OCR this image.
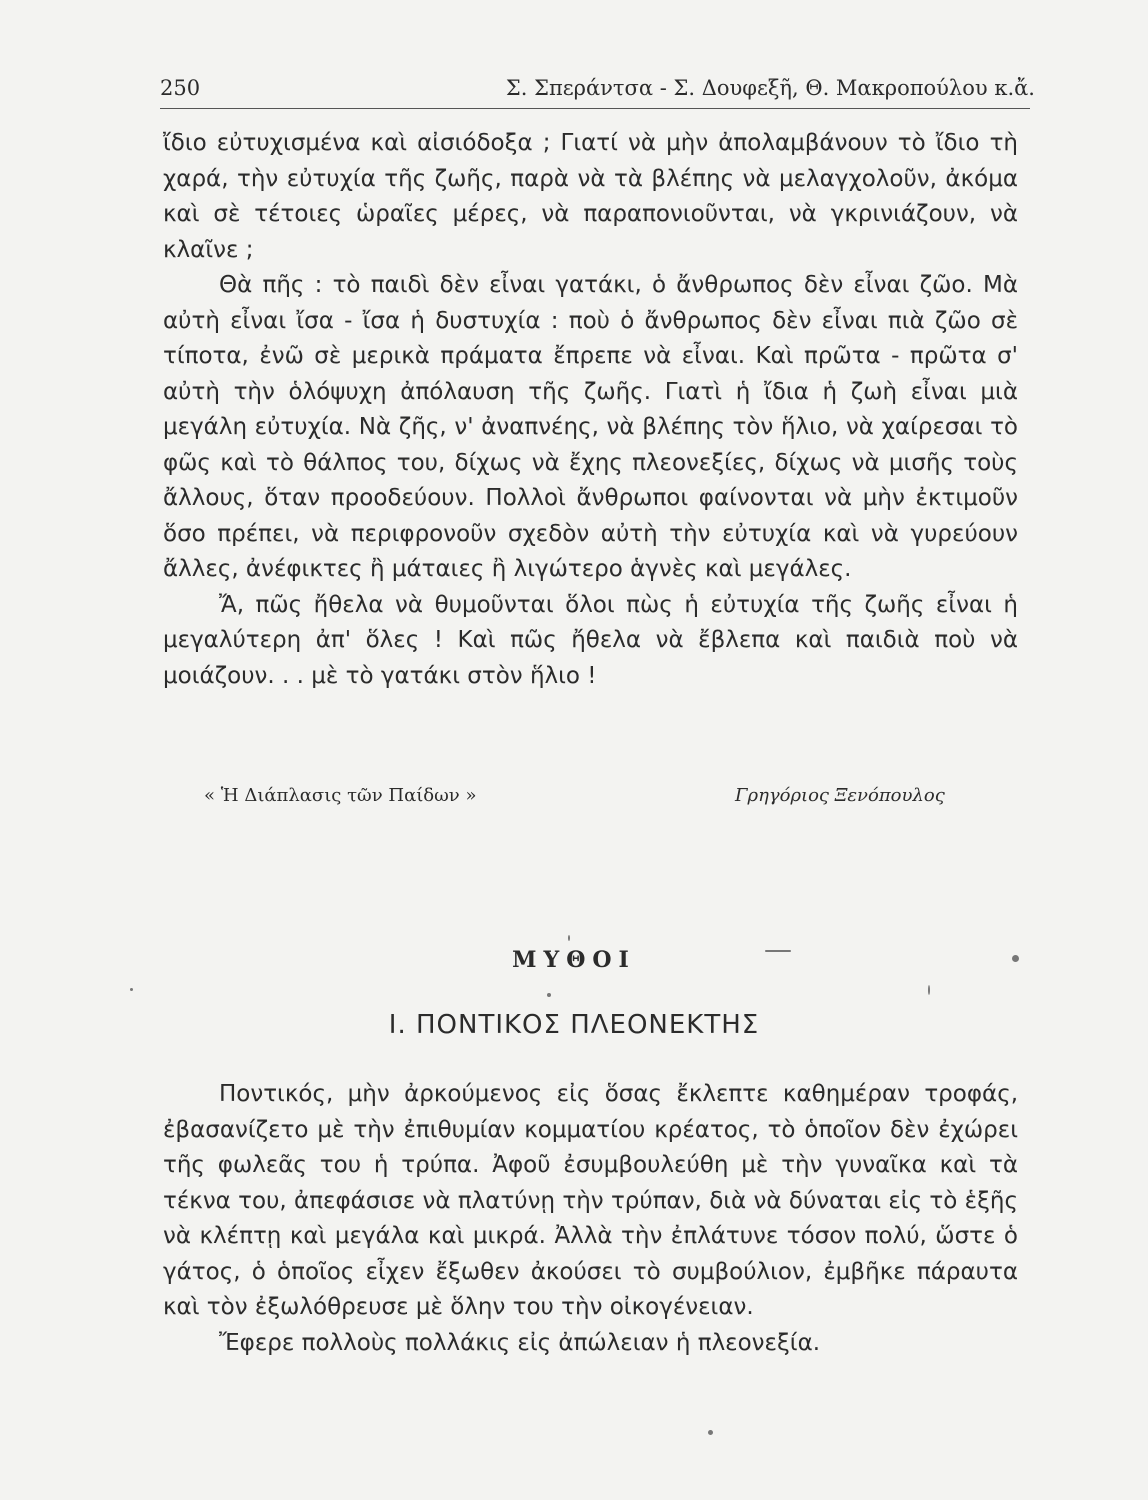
250	Σ. Σπεράντσα - Σ. Δουφεξῆ, Θ. Μακροπούλου κ.ἄ.

ἴδιο εὐτυχισμένα καὶ αἰσιόδοξα ; Γιατί νὰ μὴν ἀπολαμβάνουν τὸ ἴδιο τὴ χαρά, τὴν εὐτυχία τῆς ζωῆς, παρὰ νὰ τὰ βλέπης νὰ μελαγχολοῦν, ἀκόμα καὶ σὲ τέτοιες ὡραῖες μέρες, νὰ παραπονιοῦνται, νὰ γκρινιάζουν, νὰ κλαῖνε ;

Θὰ πῆς : τὸ παιδὶ δὲν εἶναι γατάκι, ὁ ἄνθρωπος δὲν εἶναι ζῶο. Μὰ αὐτὴ εἶναι ἴσα - ἴσα ἡ δυστυχία : ποὺ ὁ ἄνθρωπος δὲν εἶναι πιὰ ζῶο σὲ τίποτα, ἐνῶ σὲ μερικὰ πράματα ἔπρεπε νὰ εἶναι. Καὶ πρῶτα - πρῶτα σ' αὐτὴ τὴν ὁλόψυχη ἀπόλαυση τῆς ζωῆς. Γιατὶ ἡ ἴδια ἡ ζωὴ εἶναι μιὰ μεγάλη εὐτυχία. Νὰ ζῆς, ν' ἀναπνέης, νὰ βλέπης τὸν ἥλιο, νὰ χαίρεσαι τὸ φῶς καὶ τὸ θάλπος του, δίχως νὰ ἔχης πλεονεξίες, δίχως νὰ μισῆς τοὺς ἄλλους, ὅταν προοδεύουν. Πολλοὶ ἄνθρωποι φαίνονται νὰ μὴν ἐκτιμοῦν ὅσο πρέπει, νὰ περιφρονοῦν σχεδὸν αὐτὴ τὴν εὐτυχία καὶ νὰ γυρεύουν ἄλλες, ἀνέφικτες ἢ μάταιες ἢ λιγώτερο ἁγνὲς καὶ μεγάλες.

Ἄ, πῶς ἤθελα νὰ θυμοῦνται ὅλοι πὼς ἡ εὐτυχία τῆς ζωῆς εἶναι ἡ μεγαλύτερη ἀπ' ὅλες ! Καὶ πῶς ἤθελα νὰ ἔβλεπα καὶ παιδιὰ ποὺ νὰ μοιάζουν. . . μὲ τὸ γατάκι στὸν ἥλιο !

« Ἡ Διάπλασις τῶν Παίδων »	Γρηγόριος Ξενόπουλος
ΜΥΘΟΙ
Ι. ΠΟΝΤΙΚΟΣ ΠΛΕΟΝΕΚΤΗΣ

Ποντικός, μὴν ἀρκούμενος εἰς ὅσας ἔκλεπτε καθημέραν τροφάς, ἐβασανίζετο μὲ τὴν ἐπιθυμίαν κομματίου κρέατος, τὸ ὁποῖον δὲν ἐχώρει τῆς φωλεᾶς του ἡ τρύπα. Ἀφοῦ ἐσυμβουλεύθη μὲ τὴν γυναῖκα καὶ τὰ τέκνα του, ἀπεφάσισε νὰ πλατύνῃ τὴν τρύπαν, διὰ νὰ δύναται εἰς τὸ ἑξῆς νὰ κλέπτῃ καὶ μεγάλα καὶ μικρά. Ἀλλὰ τὴν ἐπλάτυνε τόσον πολύ, ὥστε ὁ γάτος, ὁ ὁποῖος εἶχεν ἔξωθεν ἀκούσει τὸ συμβούλιον, ἐμβῆκε πάραυτα καὶ τὸν ἐξωλόθρευσε μὲ ὅλην του τὴν οἰκογένειαν.

Ἔφερε πολλοὺς πολλάκις εἰς ἀπώλειαν ἡ πλεονεξία.
